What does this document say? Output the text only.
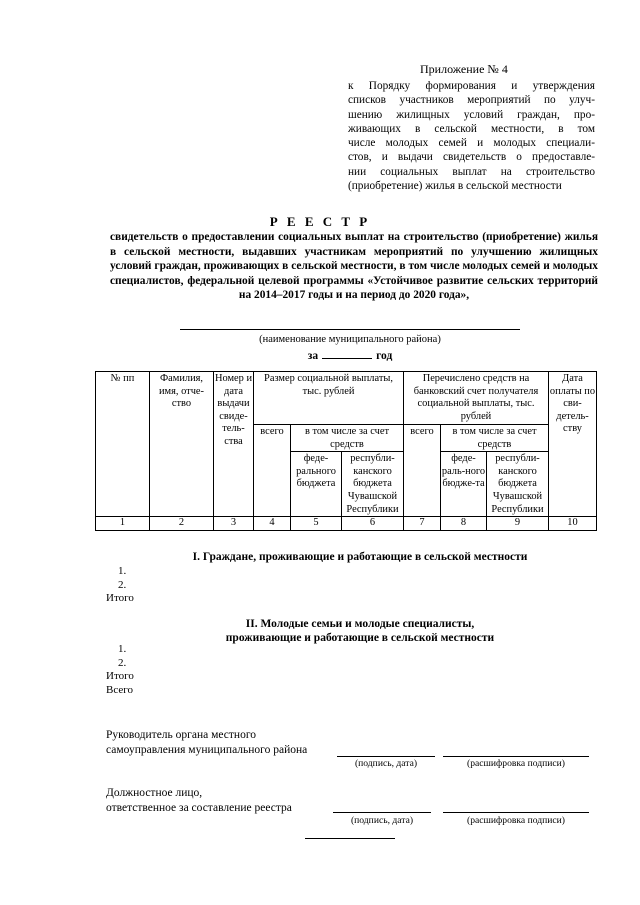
Приложение № 4
к Порядку формирования и утверждения
списков участников мероприятий по улуч-
шению жилищных условий граждан, про-
живающих в сельской местности, в том
числе молодых семей и молодых специали-
стов, и выдачи свидетельств о предоставле-
нии социальных выплат на строительство
(приобретение) жилья в сельской местности
Р Е Е С Т Р
свидетельств о предоставлении социальных выплат на строительство (приобретение) жилья в сельской местности, выдавших участникам мероприятий по улучшению жилищных условий граждан, проживающих в сельской местности, в том числе молодых семей и молодых специалистов, федеральной целевой программы «Устойчивое развитие сельских территорий на 2014–2017 годы и на период до 2020 года»,
(наименование муниципального района)
за	год
№ пп	Фамилия, имя, отче-ство	Номер и дата выдачи свиде-тель-ства	Размер социальной выплаты, тыс. рублей			Перечислено средств на банковский счет получателя социальной выплаты, тыс. рублей			Дата оплаты по сви-детель-ству
			всего	в том числе за счет средств		всего	в том числе за счет средств		
				феде-рального бюджета	республи-канского бюджета Чувашской Республики		феде-раль-ного бюджe-та	республи-канского бюджета Чувашской Республики	
1	2	3	4	5	6	7	8	9	10
I. Граждане, проживающие и работающие в сельской местности
1.
2.
Итого
II. Молодые семьи и молодые специалисты,
проживающие и работающие в сельской местности
1.
2.
Итого
Всего
Руководитель органа местного
самоуправления муниципального района
(подпись, дата)	(расшифровка подписи)
Должностное лицо,
ответственное за составление реестра
(подпись, дата)	(расшифровка подписи)
